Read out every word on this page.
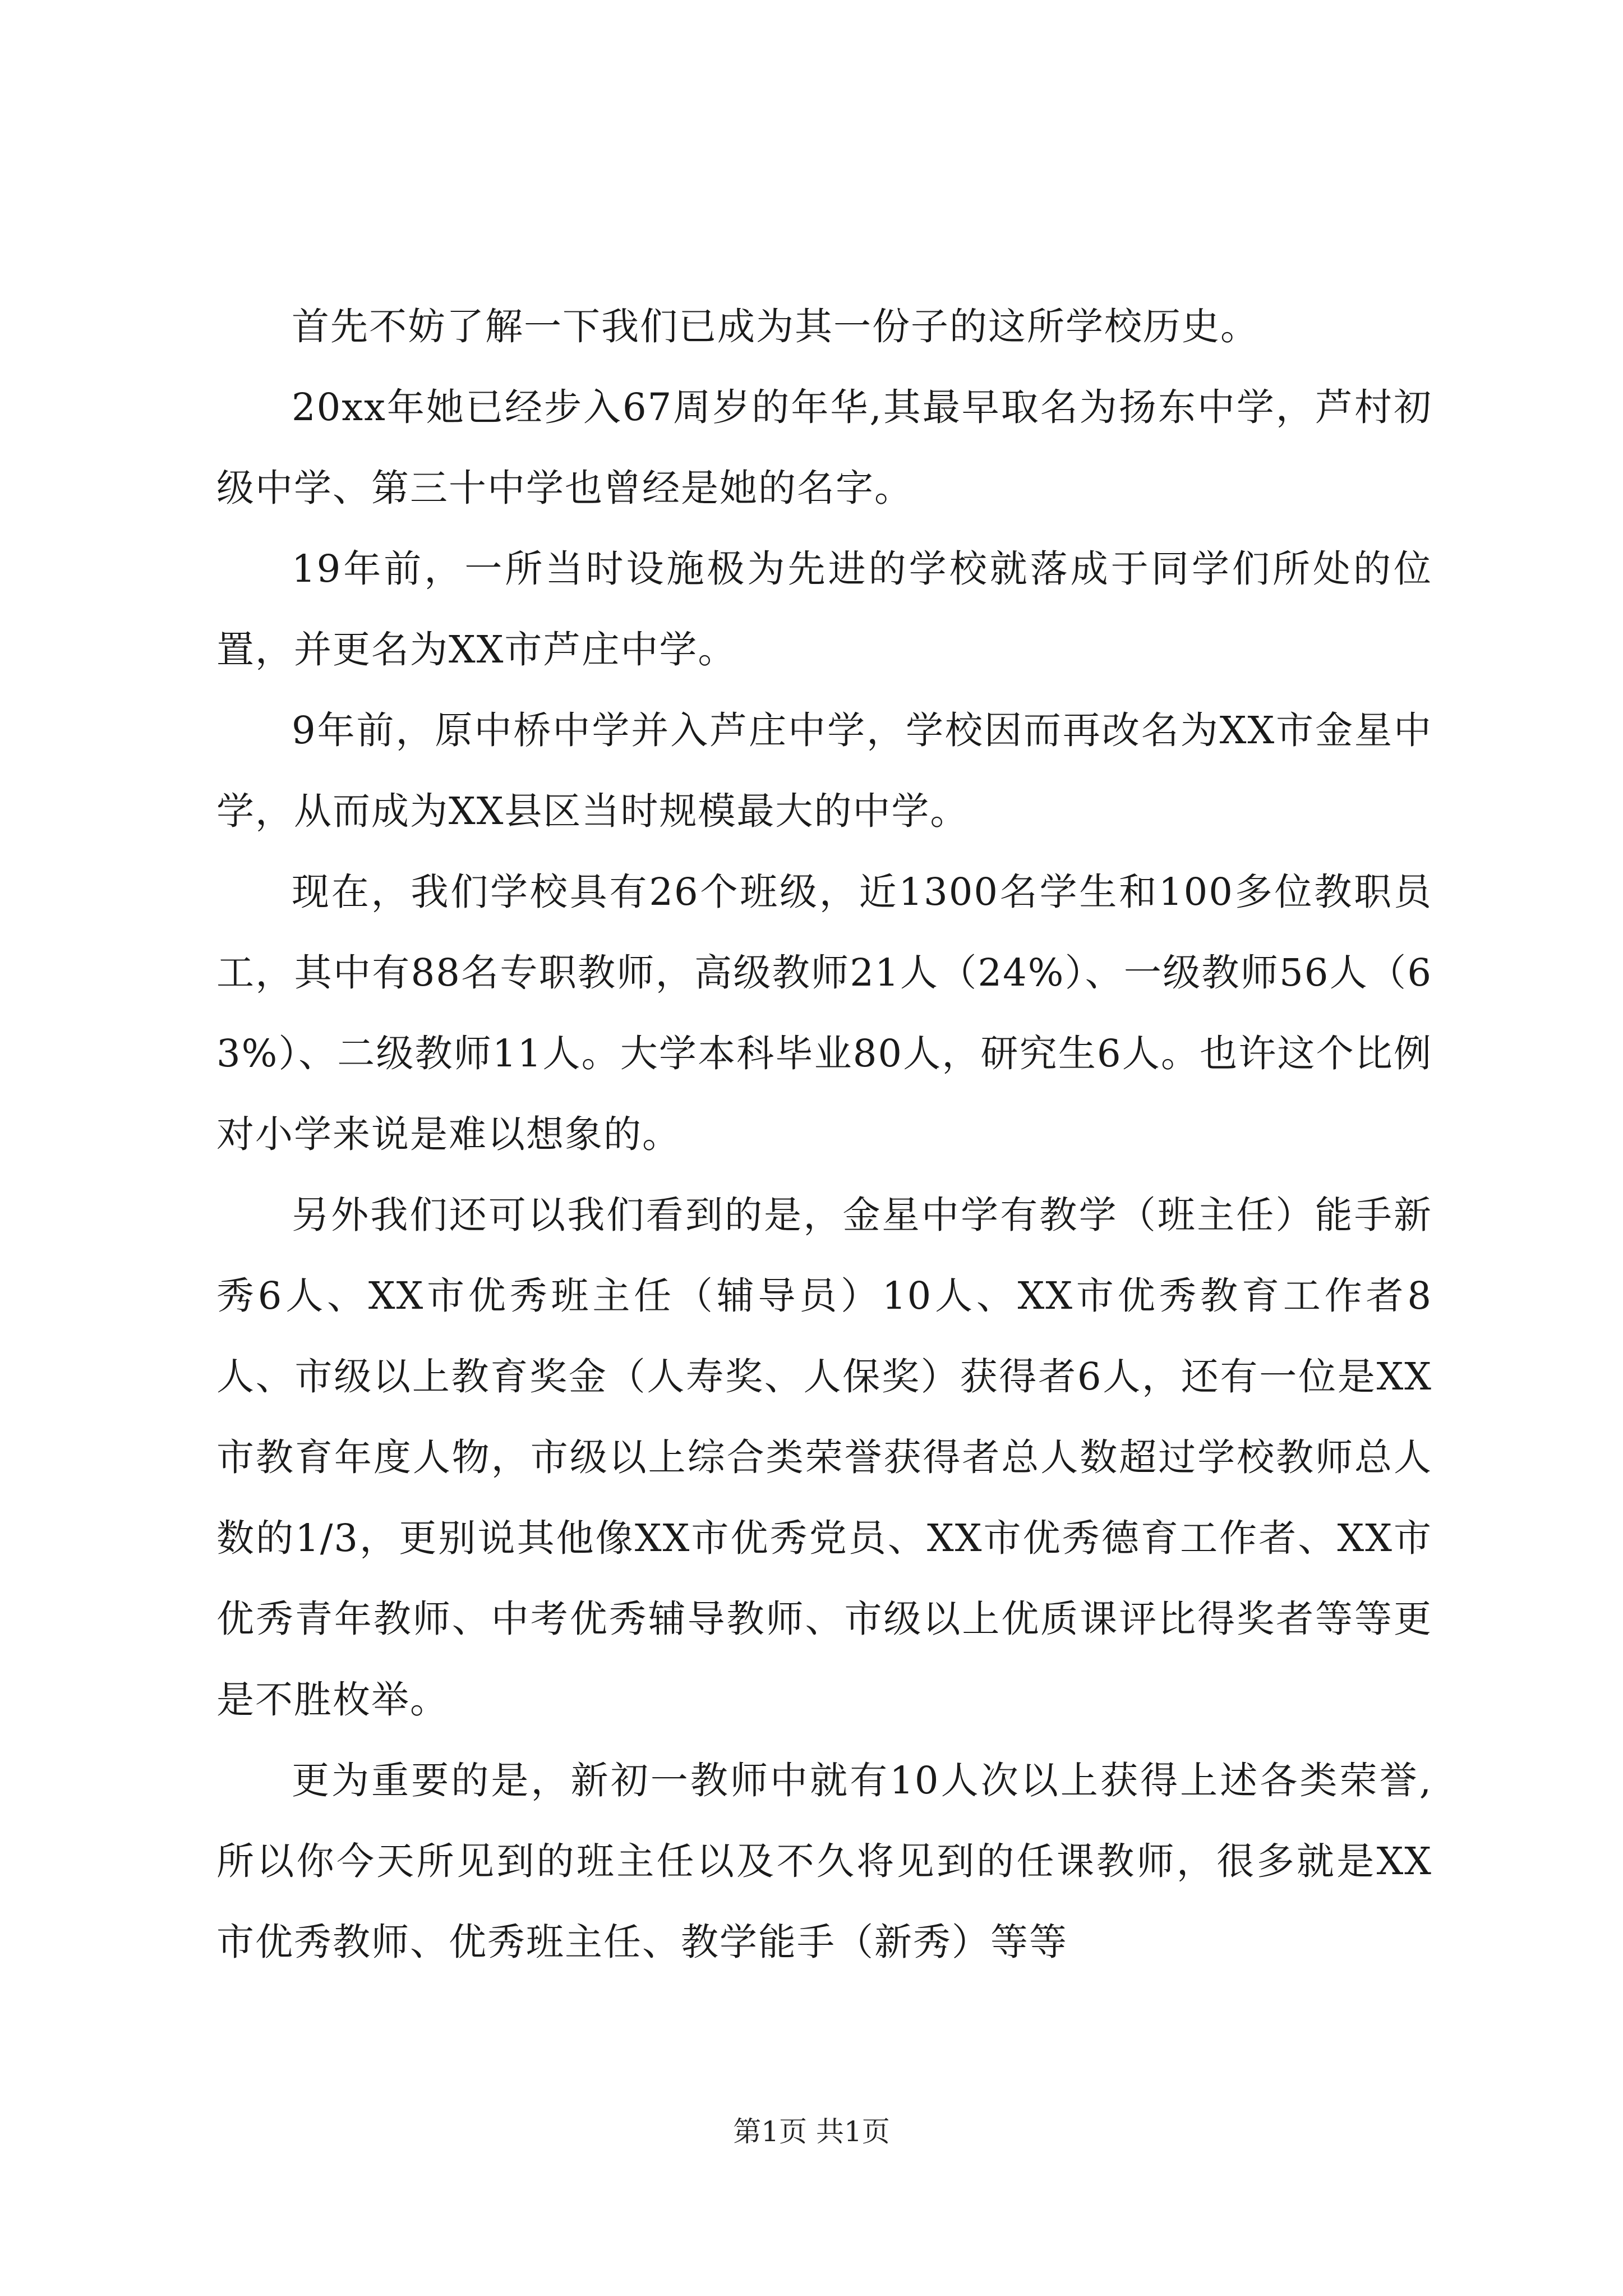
首先不妨了解一下我们已成为其一份子的这所学校历史。

20xx年她已经步入67周岁的年华,其最早取名为扬东中学，芦村初级中学、第三十中学也曾经是她的名字。

19年前，一所当时设施极为先进的学校就落成于同学们所处的位置，并更名为XX市芦庄中学。

9年前，原中桥中学并入芦庄中学，学校因而再改名为XX市金星中学，从而成为XX县区当时规模最大的中学。

现在，我们学校具有26个班级，近1300名学生和100多位教职员工，其中有88名专职教师，高级教师21人（24%）、一级教师56人（63%）、二级教师11人。大学本科毕业80人，研究生6人。也许这个比例对小学来说是难以想象的。

另外我们还可以我们看到的是，金星中学有教学（班主任）能手新秀6人、XX市优秀班主任（辅导员）10人、XX市优秀教育工作者8人、市级以上教育奖金（人寿奖、人保奖）获得者6人，还有一位是XX市教育年度人物，市级以上综合类荣誉获得者总人数超过学校教师总人数的1/3，更别说其他像XX市优秀党员、XX市优秀德育工作者、XX市优秀青年教师、中考优秀辅导教师、市级以上优质课评比得奖者等等更是不胜枚举。

更为重要的是，新初一教师中就有10人次以上获得上述各类荣誉,所以你今天所见到的班主任以及不久将见到的任课教师，很多就是XX市优秀教师、优秀班主任、教学能手（新秀）等等

第1页 共1页
